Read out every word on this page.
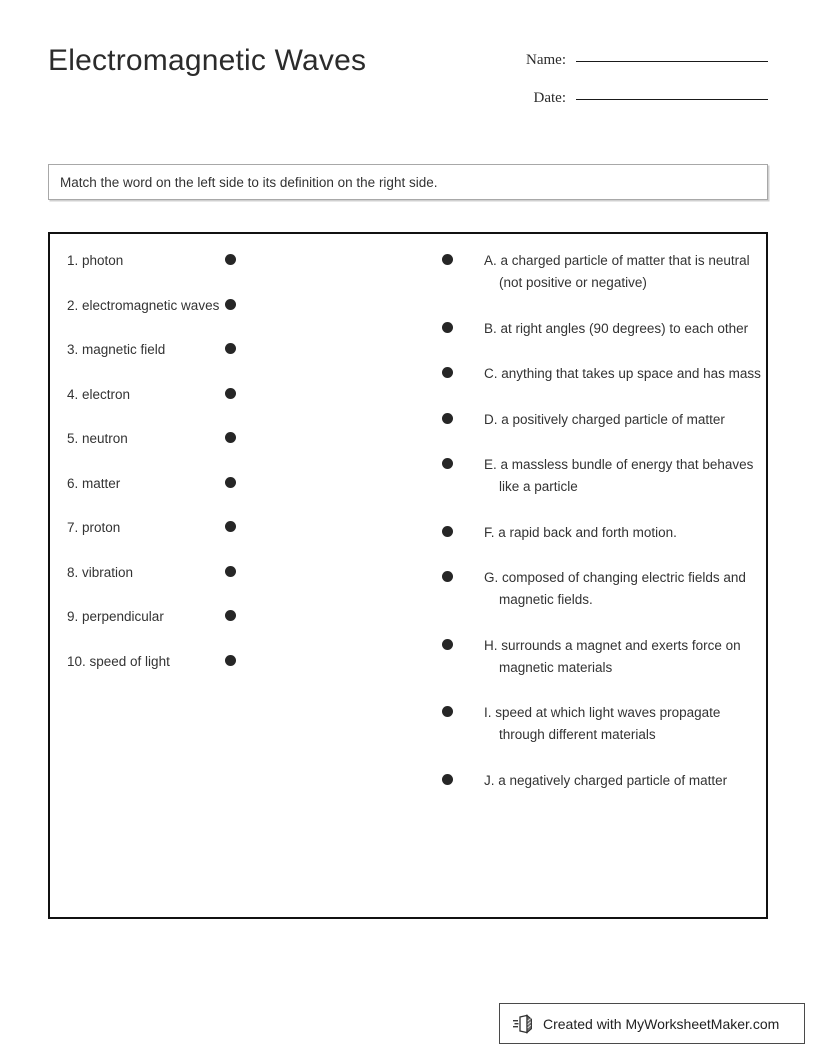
Electromagnetic Waves	Name:
Date:
Match the word on the left side to its definition on the right side.
1. photon
2. electromagnetic waves
3. magnetic field
4. electron
5. neutron
6. matter
7. proton
8. vibration
9. perpendicular
10. speed of light
A. a charged particle of matter that is neutral (not positive or negative)
B. at right angles (90 degrees) to each other
C. anything that takes up space and has mass
D. a positively charged particle of matter
E. a massless bundle of energy that behaves like a particle
F. a rapid back and forth motion.
G. composed of changing electric fields and magnetic fields.
H. surrounds a magnet and exerts force on magnetic materials
I. speed at which light waves propagate through different materials
J. a negatively charged particle of matter
Created with MyWorksheetMaker.com
